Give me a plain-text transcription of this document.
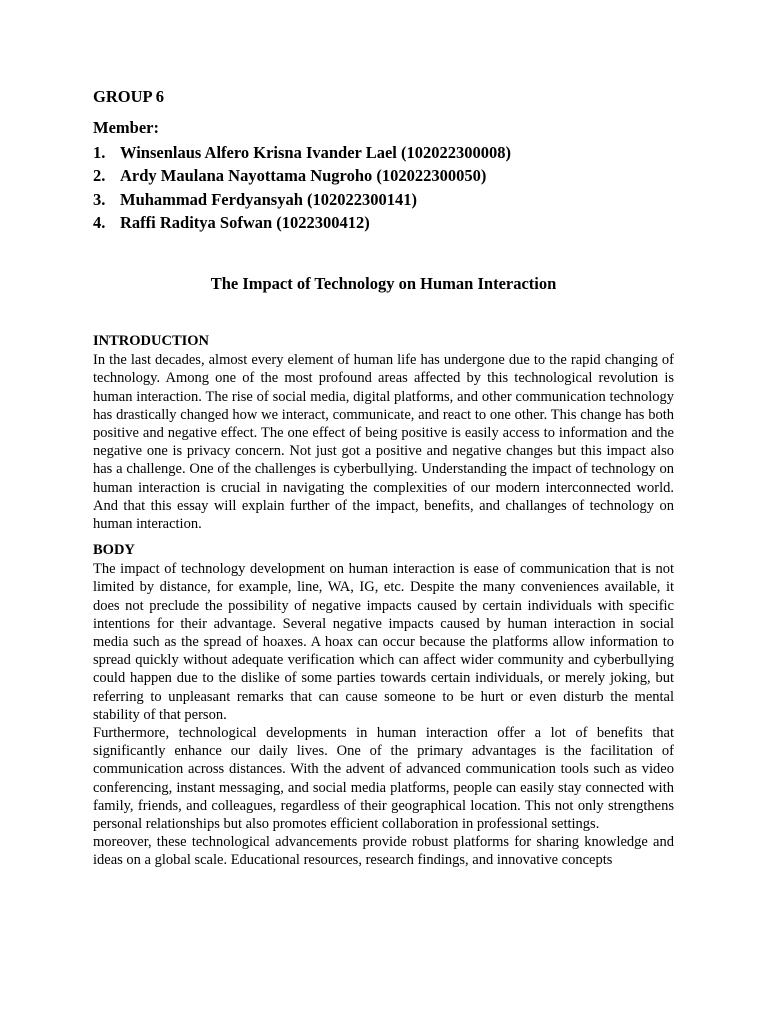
GROUP 6
Member:
1. Winsenlaus Alfero Krisna Ivander Lael (102022300008)
2. Ardy Maulana Nayottama Nugroho (102022300050)
3. Muhammad Ferdyansyah (102022300141)
4. Raffi Raditya Sofwan (1022300412)
The Impact of Technology on Human Interaction
INTRODUCTION

In the last decades, almost every element of human life has undergone due to the rapid changing of technology. Among one of the most profound areas affected by this technological revolution is human interaction. The rise of social media, digital platforms, and other communication technology has drastically changed how we interact, communicate, and react to one other. This change has both positive and negative effect. The one effect of being positive is easily access to information and the negative one is privacy concern. Not just got a positive and negative changes but this impact also has a challenge. One of the challenges is cyberbullying. Understanding the impact of technology on human interaction is crucial in navigating the complexities of our modern interconnected world. And that this essay will explain further of the impact, benefits, and challanges of technology on human interaction.

BODY

The impact of technology development on human interaction is ease of communication that is not limited by distance, for example, line, WA, IG, etc. Despite the many conveniences available, it does not preclude the possibility of negative impacts caused by certain individuals with specific intentions for their advantage. Several negative impacts caused by human interaction in social media such as the spread of hoaxes. A hoax can occur because the platforms allow information to spread quickly without adequate verification which can affect wider community and cyberbullying could happen due to the dislike of some parties towards certain individuals, or merely joking, but referring to unpleasant remarks that can cause someone to be hurt or even disturb the mental stability of that person.

Furthermore, technological developments in human interaction offer a lot of benefits that significantly enhance our daily lives. One of the primary advantages is the facilitation of communication across distances. With the advent of advanced communication tools such as video conferencing, instant messaging, and social media platforms, people can easily stay connected with family, friends, and colleagues, regardless of their geographical location. This not only strengthens personal relationships but also promotes efficient collaboration in professional settings.

moreover, these technological advancements provide robust platforms for sharing knowledge and ideas on a global scale. Educational resources, research findings, and innovative concepts
